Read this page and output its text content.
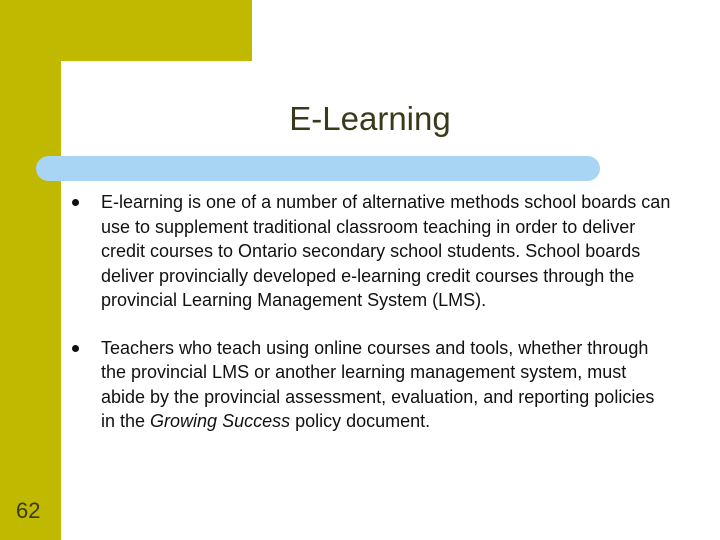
E-Learning
E-learning is one of a number of alternative methods school boards can use to supplement traditional classroom teaching in order to deliver credit courses to Ontario secondary school students. School boards deliver provincially developed e-learning credit courses through the provincial Learning Management System (LMS).
Teachers who teach using online courses and tools, whether through the provincial LMS or another learning management system, must abide by the provincial assessment, evaluation, and reporting policies in the Growing Success policy document.
62
